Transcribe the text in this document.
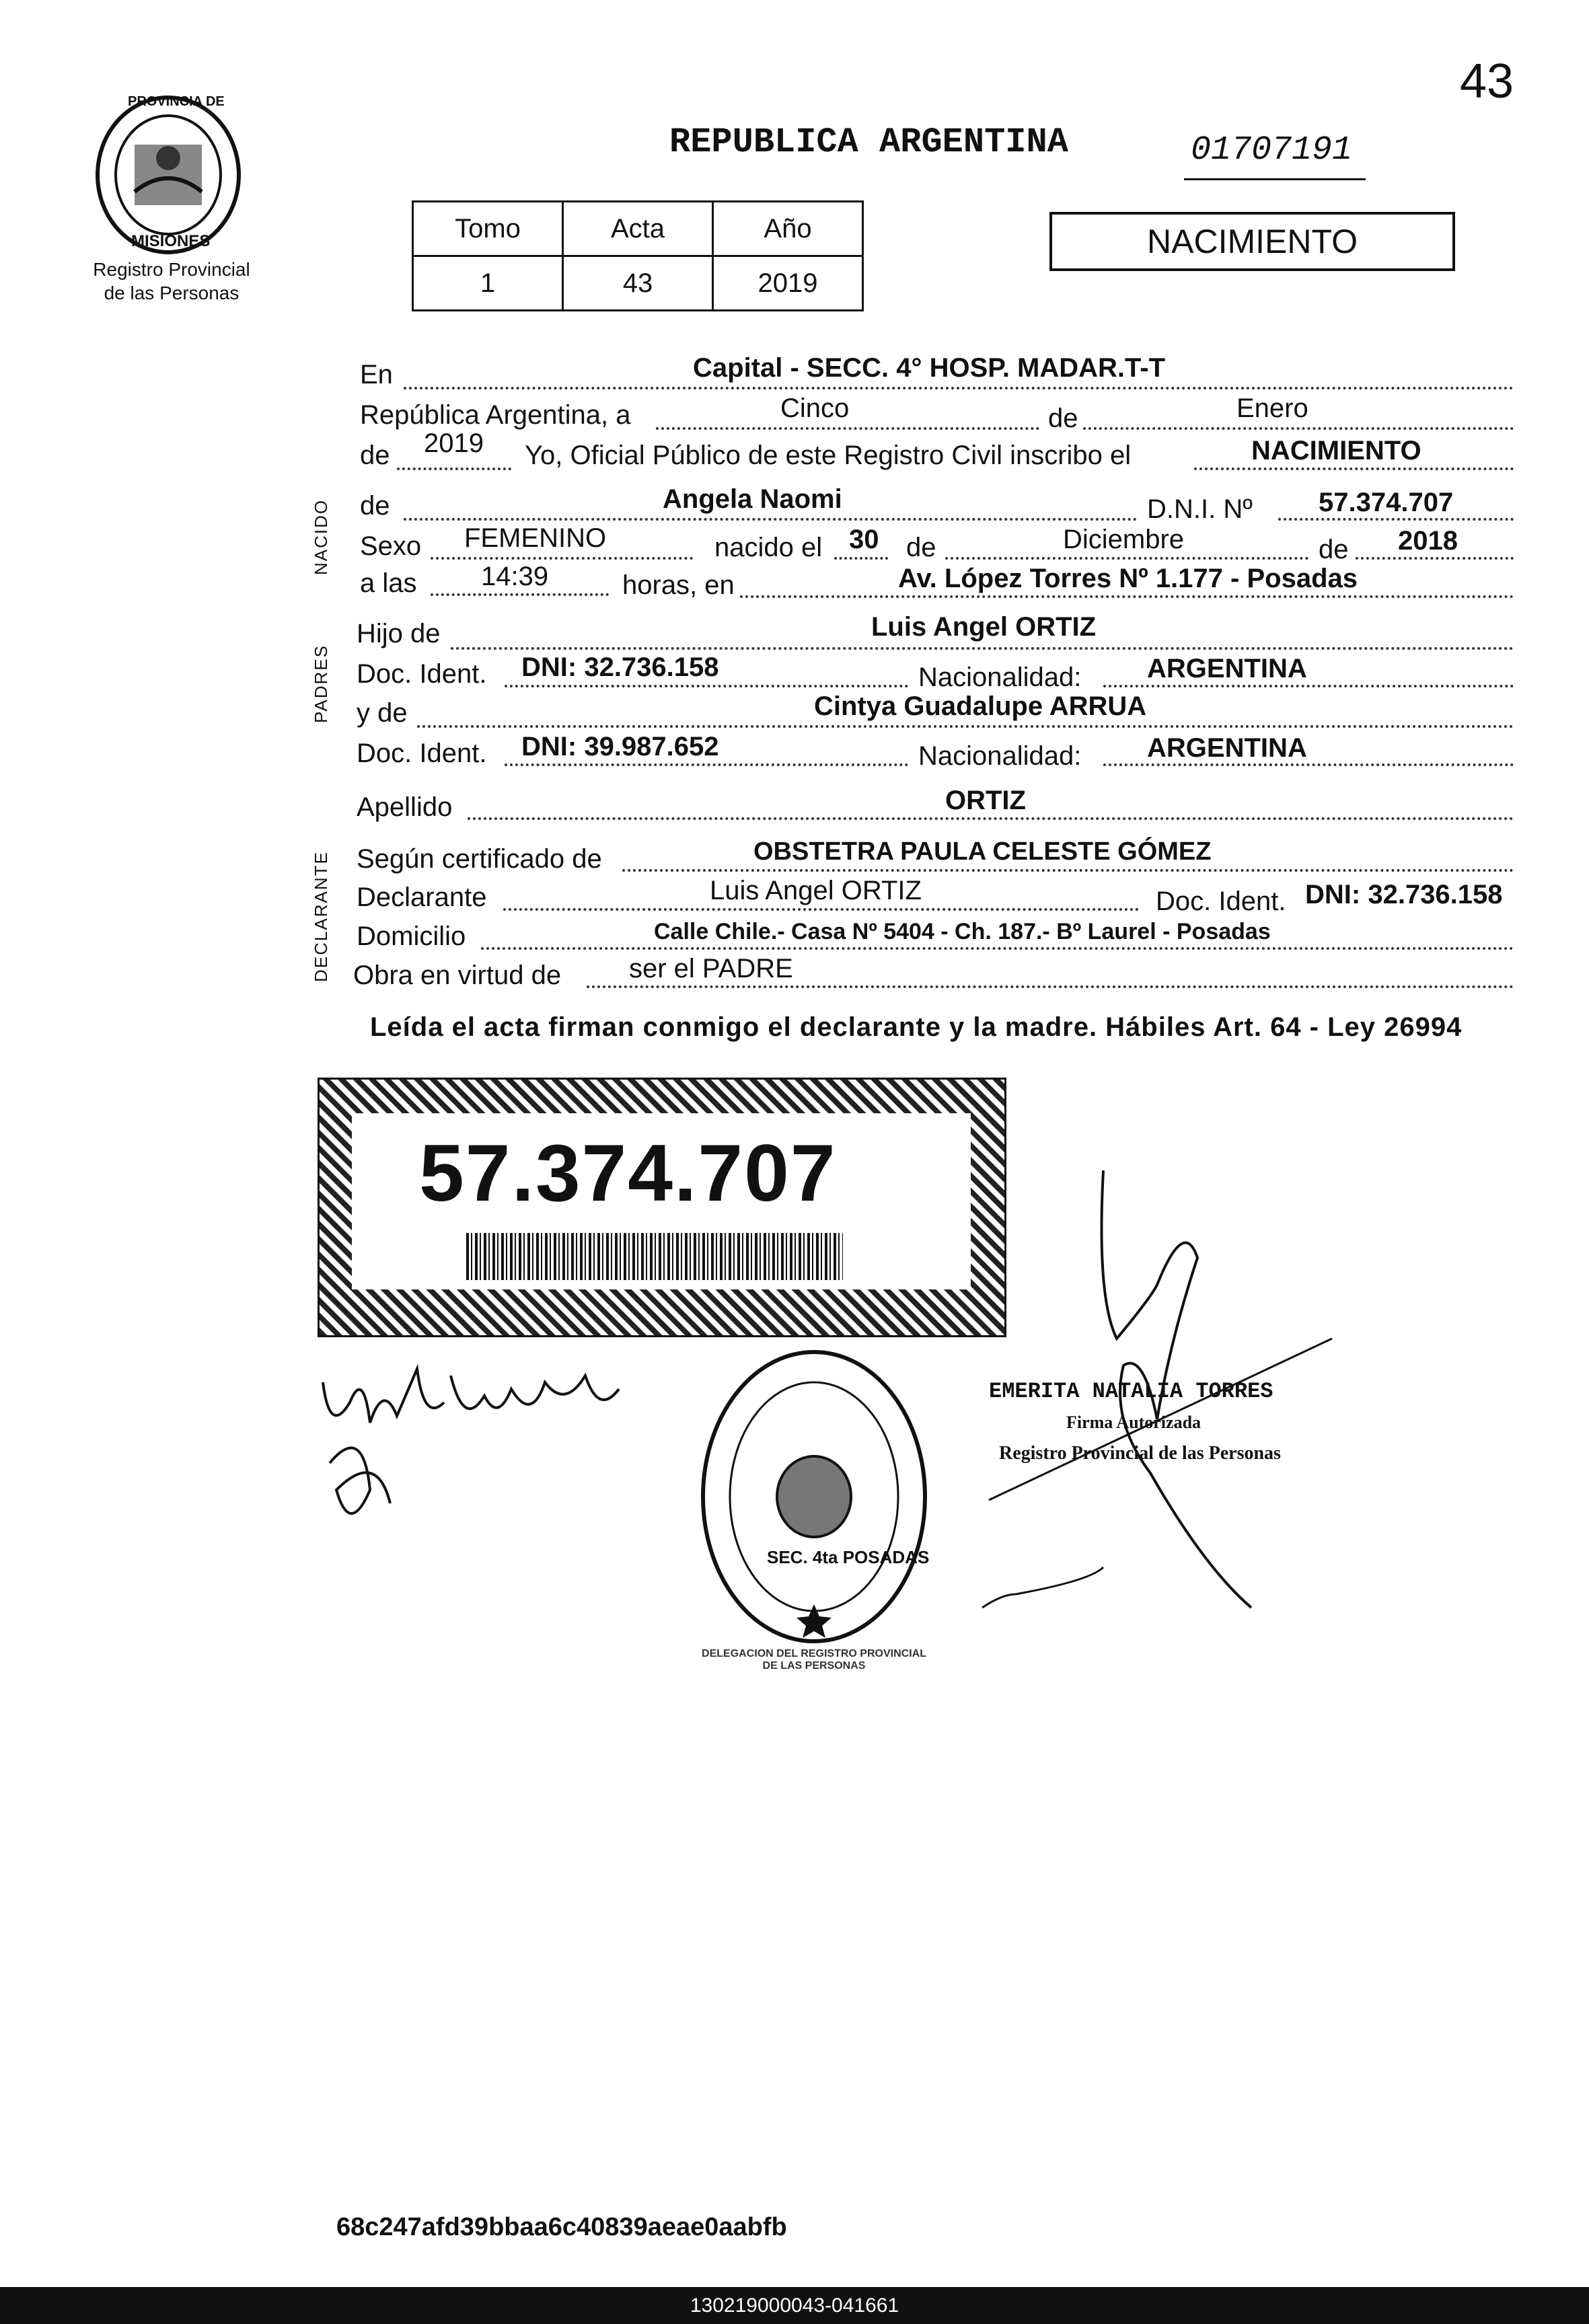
43
PROVINCIA DE
MISIONES
Registro Provincial
de las Personas
REPUBLICA ARGENTINA	01707191
Tomo	Acta	Año
1	43	2019
NACIMIENTO
NACIDO
PADRES
DECLARANTE
En	Capital - SECC. 4° HOSP. MADAR.T-T
República Argentina, a	Cinco	de	Enero
de 2019 Yo, Oficial Público de este Registro Civil inscribo el	NACIMIENTO
de	Angela Naomi	D.N.I. Nº 57.374.707
Sexo FEMENINO	nacido el 30 de	Diciembre	de 2018
a las 14:39	horas, en	Av. López Torres Nº 1.177 - Posadas
Hijo de	Luis Angel ORTIZ
Doc. Ident. DNI: 32.736.158	Nacionalidad: ARGENTINA
y de	Cintya Guadalupe ARRUA
Doc. Ident. DNI: 39.987.652	Nacionalidad: ARGENTINA
Apellido	ORTIZ
Según certificado de	OBSTETRA PAULA CELESTE GÓMEZ
Declarante	Luis Angel ORTIZ	Doc. Ident. DNI: 32.736.158
Domicilio	Calle Chile.- Casa Nº 5404 - Ch. 187.- Bº Laurel - Posadas
Obra en virtud de	ser el PADRE
Leída el acta firman conmigo el declarante y la madre. Hábiles Art. 64 - Ley 26994
57.374.707
DELEGACION DEL REGISTRO PROVINCIAL DE LAS PERSONAS
SEC. 4ta POSADAS
EMERITA NATALIA TORRES
Firma Autorizada
Registro Provincial de las Personas
68c247afd39bbaa6c40839aeae0aabfb
130219000043-041661
